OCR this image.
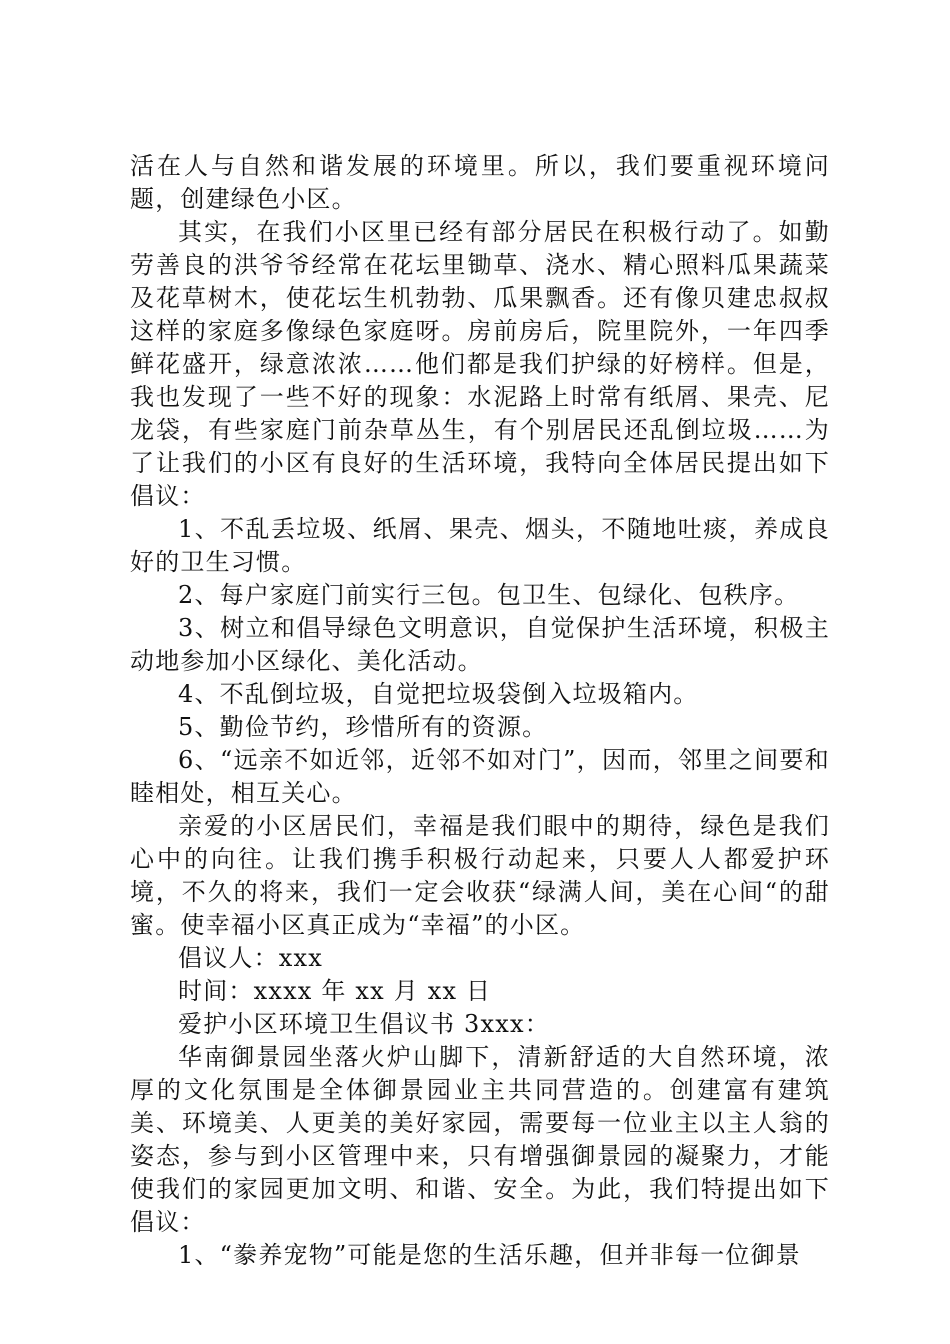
活在人与自然和谐发展的环境里。所以，我们要重视环境问题，创建绿色小区。

其实，在我们小区里已经有部分居民在积极行动了。如勤劳善良的洪爷爷经常在花坛里锄草、浇水、精心照料瓜果蔬菜及花草树木，使花坛生机勃勃、瓜果飘香。还有像贝建忠叔叔这样的家庭多像绿色家庭呀。房前房后，院里院外，一年四季鲜花盛开，绿意浓浓……他们都是我们护绿的好榜样。但是，我也发现了一些不好的现象：水泥路上时常有纸屑、果壳、尼龙袋，有些家庭门前杂草丛生，有个别居民还乱倒垃圾……为了让我们的小区有良好的生活环境，我特向全体居民提出如下倡议：

1、不乱丢垃圾、纸屑、果壳、烟头，不随地吐痰，养成良好的卫生习惯。

2、每户家庭门前实行三包。包卫生、包绿化、包秩序。

3、树立和倡导绿色文明意识，自觉保护生活环境，积极主动地参加小区绿化、美化活动。

4、不乱倒垃圾，自觉把垃圾袋倒入垃圾箱内。

5、勤俭节约，珍惜所有的资源。

6、“远亲不如近邻，近邻不如对门”，因而，邻里之间要和睦相处，相互关心。

亲爱的小区居民们，幸福是我们眼中的期待，绿色是我们心中的向往。让我们携手积极行动起来，只要人人都爱护环境，不久的将来，我们一定会收获“绿满人间，美在心间“的甜蜜。使幸福小区真正成为“幸福”的小区。

倡议人：xxx

时间：xxxx 年 xx 月 xx 日

爱护小区环境卫生倡议书 3xxx：

华南御景园坐落火炉山脚下，清新舒适的大自然环境，浓厚的文化氛围是全体御景园业主共同营造的。创建富有建筑美、环境美、人更美的美好家园，需要每一位业主以主人翁的姿态，参与到小区管理中来，只有增强御景园的凝聚力，才能使我们的家园更加文明、和谐、安全。为此，我们特提出如下倡议：

1、“豢养宠物”可能是您的生活乐趣，但并非每一位御景
